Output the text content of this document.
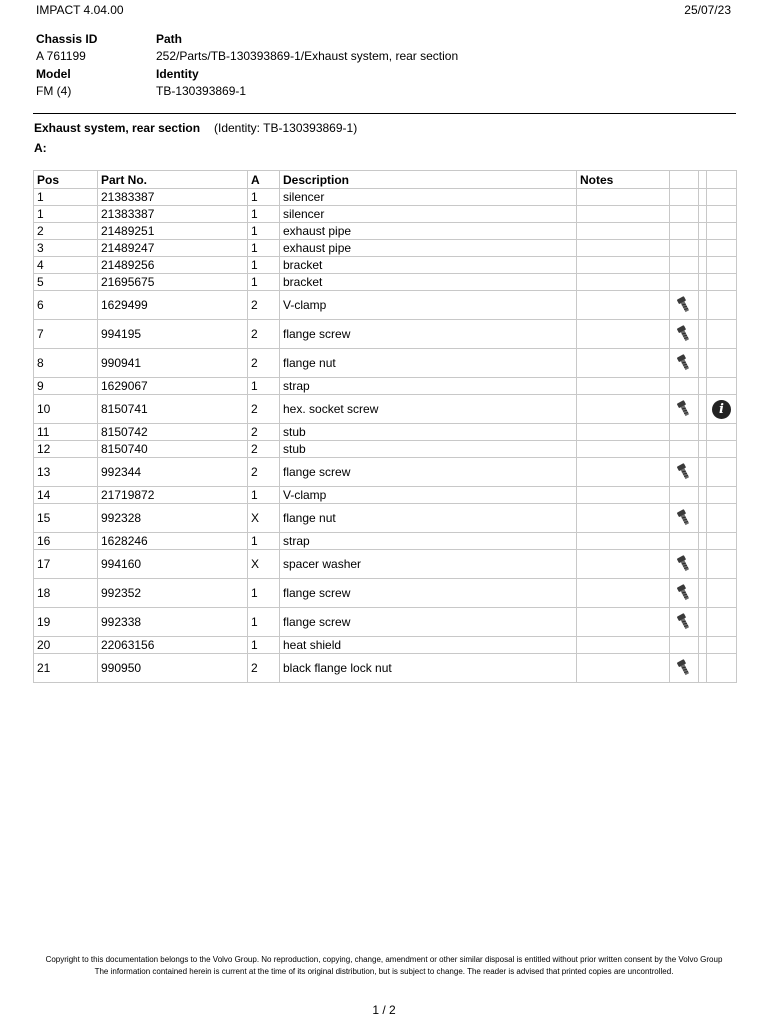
IMPACT 4.04.00	25/07/23
Chassis ID	Path
A 761199	252/Parts/TB-130393869-1/Exhaust system, rear section
Model	Identity
FM (4)	TB-130393869-1
Exhaust system, rear section (Identity: TB-130393869-1)
A:
Pos	Part No.	A	Description	Notes			
1	21383387	1	silencer				
1	21383387	1	silencer				
2	21489251	1	exhaust pipe				
3	21489247	1	exhaust pipe				
4	21489256	1	bracket				
5	21695675	1	bracket				
6	1629499	2	V-clamp				
7	994195	2	flange screw				
8	990941	2	flange nut				
9	1629067	1	strap				
10	8150741	2	hex. socket screw				i
11	8150742	2	stub				
12	8150740	2	stub				
13	992344	2	flange screw				
14	21719872	1	V-clamp				
15	992328	X	flange nut				
16	1628246	1	strap				
17	994160	X	spacer washer				
18	992352	1	flange screw				
19	992338	1	flange screw				
20	22063156	1	heat shield				
21	990950	2	black flange lock nut				
Copyright to this documentation belongs to the Volvo Group. No reproduction, copying, change, amendment or other similar disposal is entitled without prior written consent by the Volvo Group
The information contained herein is current at the time of its original distribution, but is subject to change. The reader is advised that printed copies are uncontrolled.
1 / 2
